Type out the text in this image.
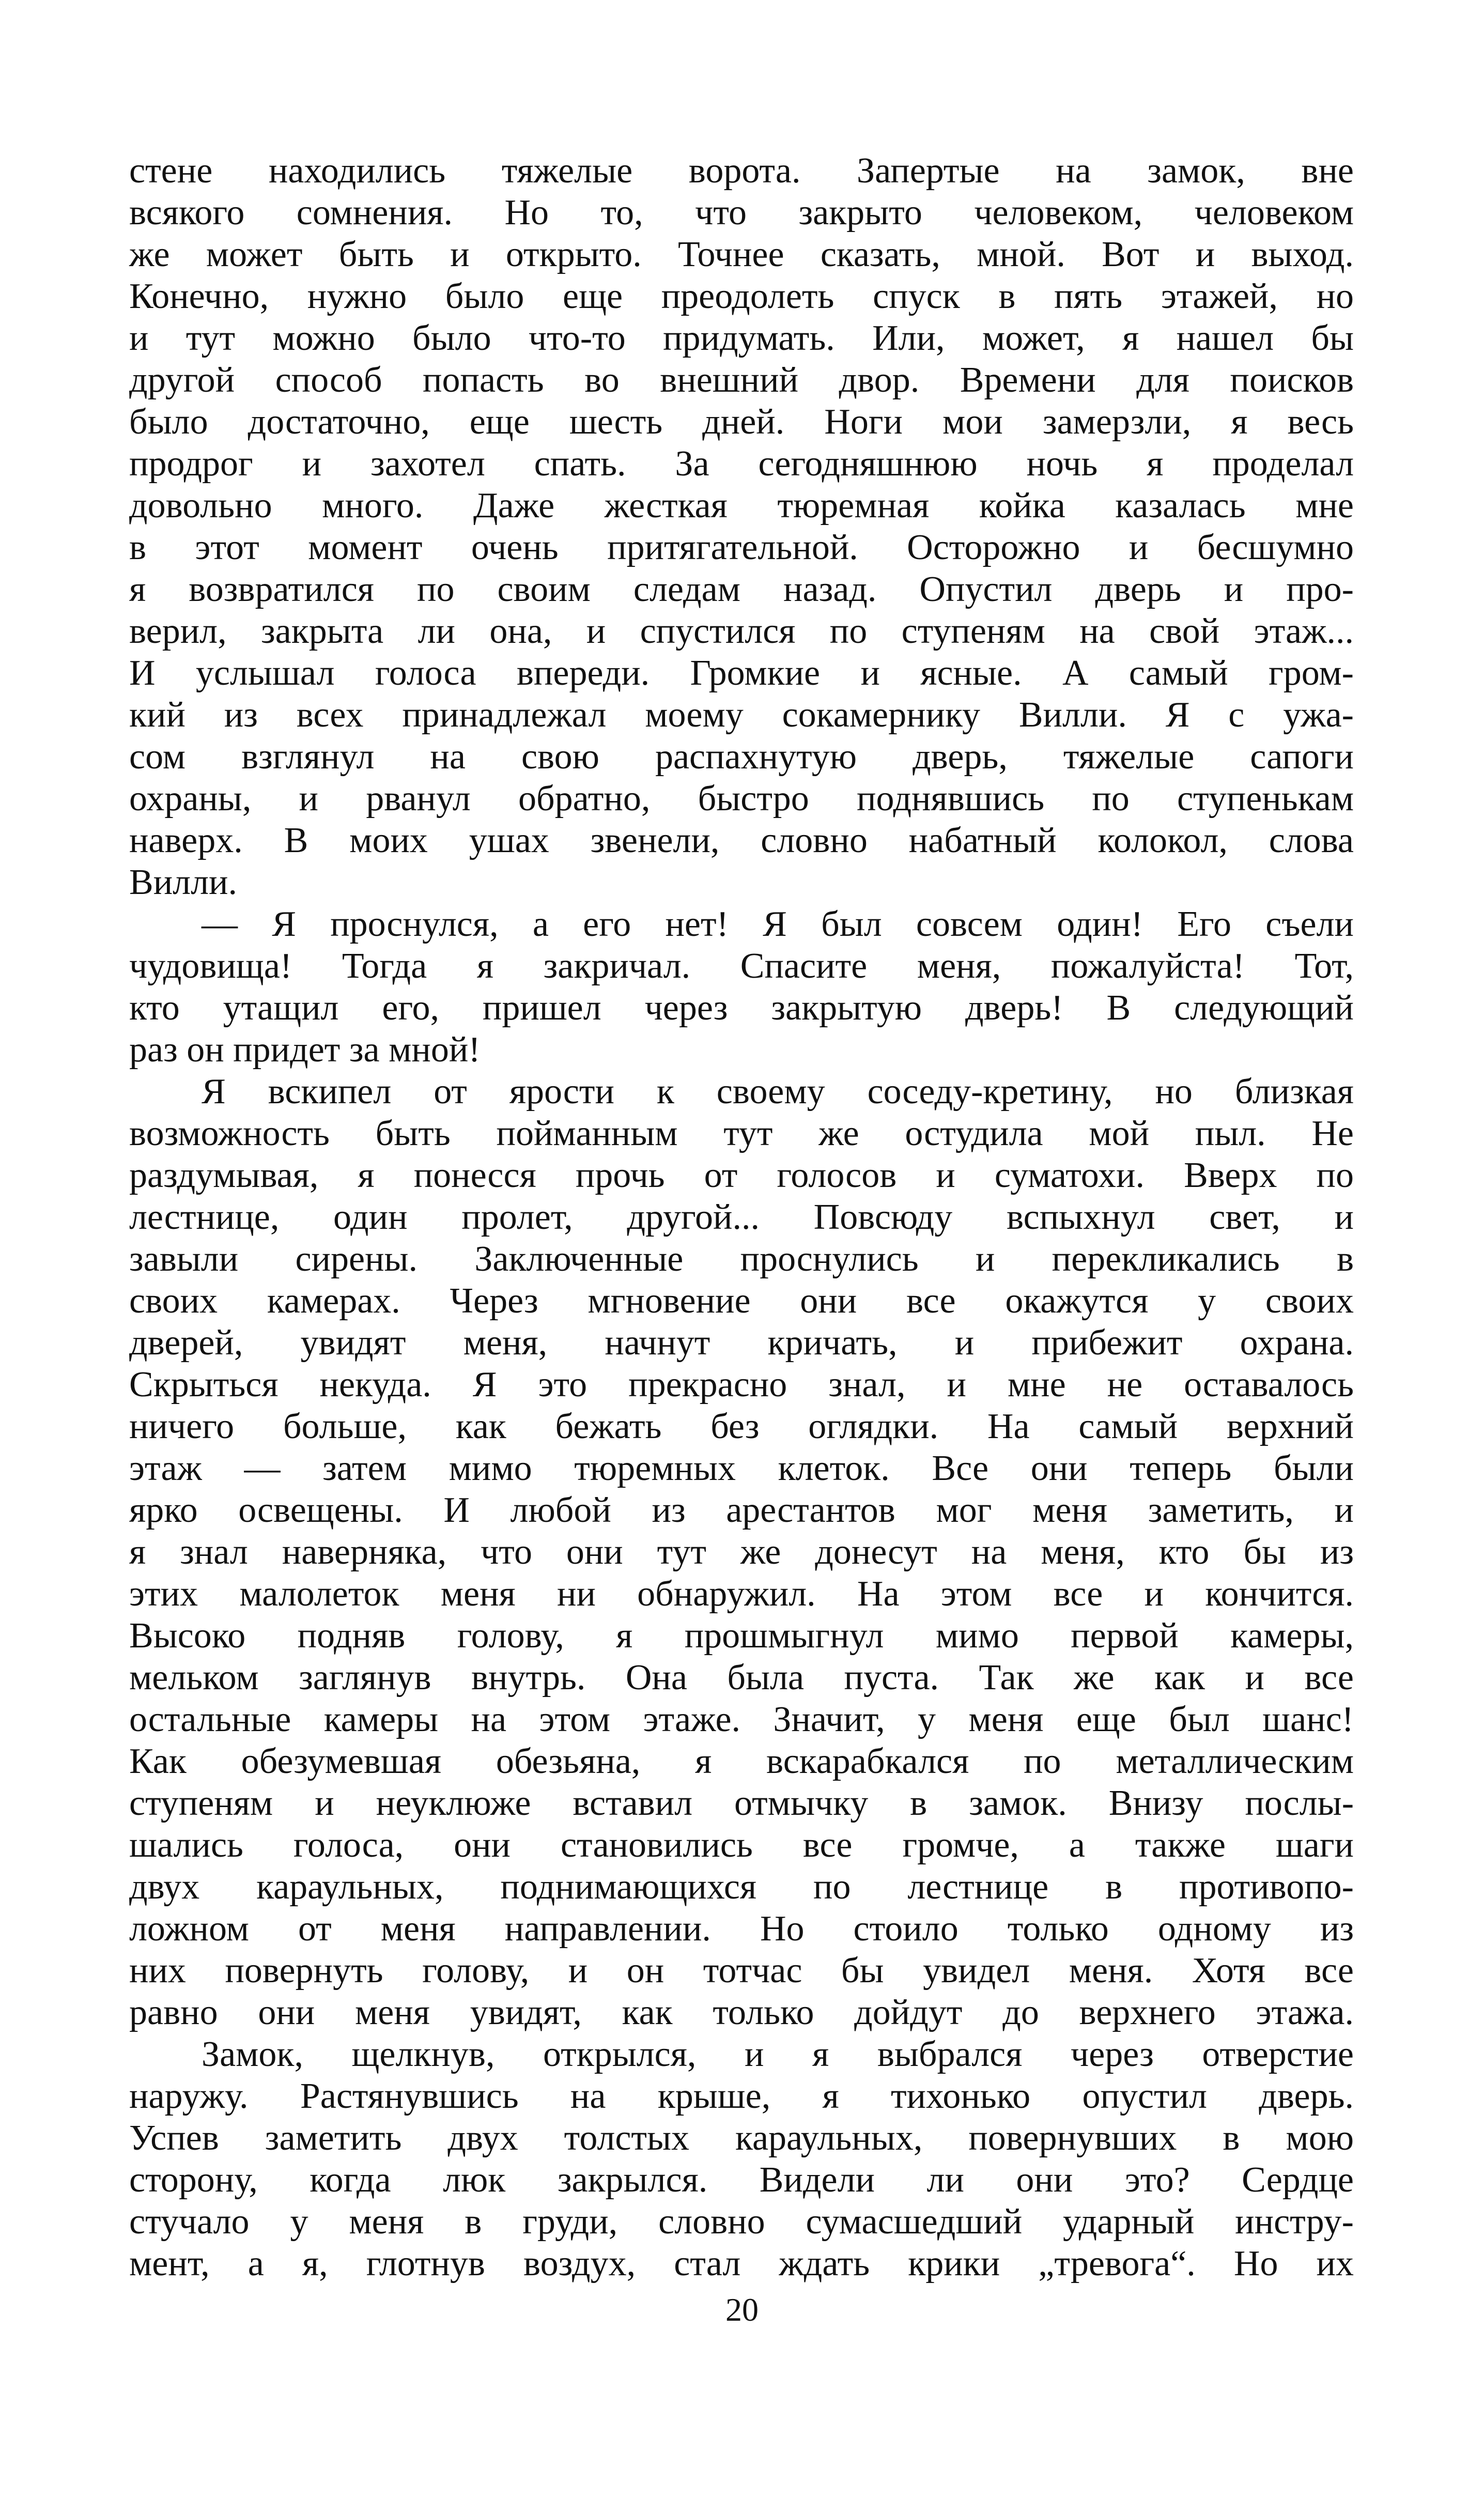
стене находились тяжелые ворота. Запертые на замок, вне
всякого сомнения. Но то, что закрыто человеком, человеком
же может быть и открыто. Точнее сказать, мной. Вот и выход.
Конечно, нужно было еще преодолеть спуск в пять этажей, но
и тут можно было что-то придумать. Или, может, я нашел бы
другой способ попасть во внешний двор. Времени для поисков
было достаточно, еще шесть дней. Ноги мои замерзли, я весь
продрог и захотел спать. За сегодняшнюю ночь я проделал
довольно много. Даже жесткая тюремная койка казалась мне
в этот момент очень притягательной. Осторожно и бесшумно
я возвратился по своим следам назад. Опустил дверь и про-
верил, закрыта ли она, и спустился по ступеням на свой этаж...
И услышал голоса впереди. Громкие и ясные. А самый гром-
кий из всех принадлежал моему сокамернику Вилли. Я с ужа-
сом взглянул на свою распахнутую дверь, тяжелые сапоги
охраны, и рванул обратно, быстро поднявшись по ступенькам
наверх. В моих ушах звенели, словно набатный колокол, слова
Вилли.
— Я проснулся, а его нет! Я был совсем один! Его съели
чудовища! Тогда я закричал. Спасите меня, пожалуйста! Тот,
кто утащил его, пришел через закрытую дверь! В следующий
раз он придет за мной!
Я вскипел от ярости к своему соседу-кретину, но близкая
возможность быть пойманным тут же остудила мой пыл. Не
раздумывая, я понесся прочь от голосов и суматохи. Вверх по
лестнице, один пролет, другой... Повсюду вспыхнул свет, и
завыли сирены. Заключенные проснулись и перекликались в
своих камерах. Через мгновение они все окажутся у своих
дверей, увидят меня, начнут кричать, и прибежит охрана.
Скрыться некуда. Я это прекрасно знал, и мне не оставалось
ничего больше, как бежать без оглядки. На самый верхний
этаж — затем мимо тюремных клеток. Все они теперь были
ярко освещены. И любой из арестантов мог меня заметить, и
я знал наверняка, что они тут же донесут на меня, кто бы из
этих малолеток меня ни обнаружил. На этом все и кончится.
Высоко подняв голову, я прошмыгнул мимо первой камеры,
мельком заглянув внутрь. Она была пуста. Так же как и все
остальные камеры на этом этаже. Значит, у меня еще был шанс!
Как обезумевшая обезьяна, я вскарабкался по металлическим
ступеням и неуклюже вставил отмычку в замок. Внизу послы-
шались голоса, они становились все громче, а также шаги
двух караульных, поднимающихся по лестнице в противопо-
ложном от меня направлении. Но стоило только одному из
них повернуть голову, и он тотчас бы увидел меня. Хотя все
равно они меня увидят, как только дойдут до верхнего этажа.
Замок, щелкнув, открылся, и я выбрался через отверстие
наружу. Растянувшись на крыше, я тихонько опустил дверь.
Успев заметить двух толстых караульных, повернувших в мою
сторону, когда люк закрылся. Видели ли они это? Сердце
стучало у меня в груди, словно сумасшедший ударный инстру-
мент, а я, глотнув воздух, стал ждать крики „тревога“. Но их
20
